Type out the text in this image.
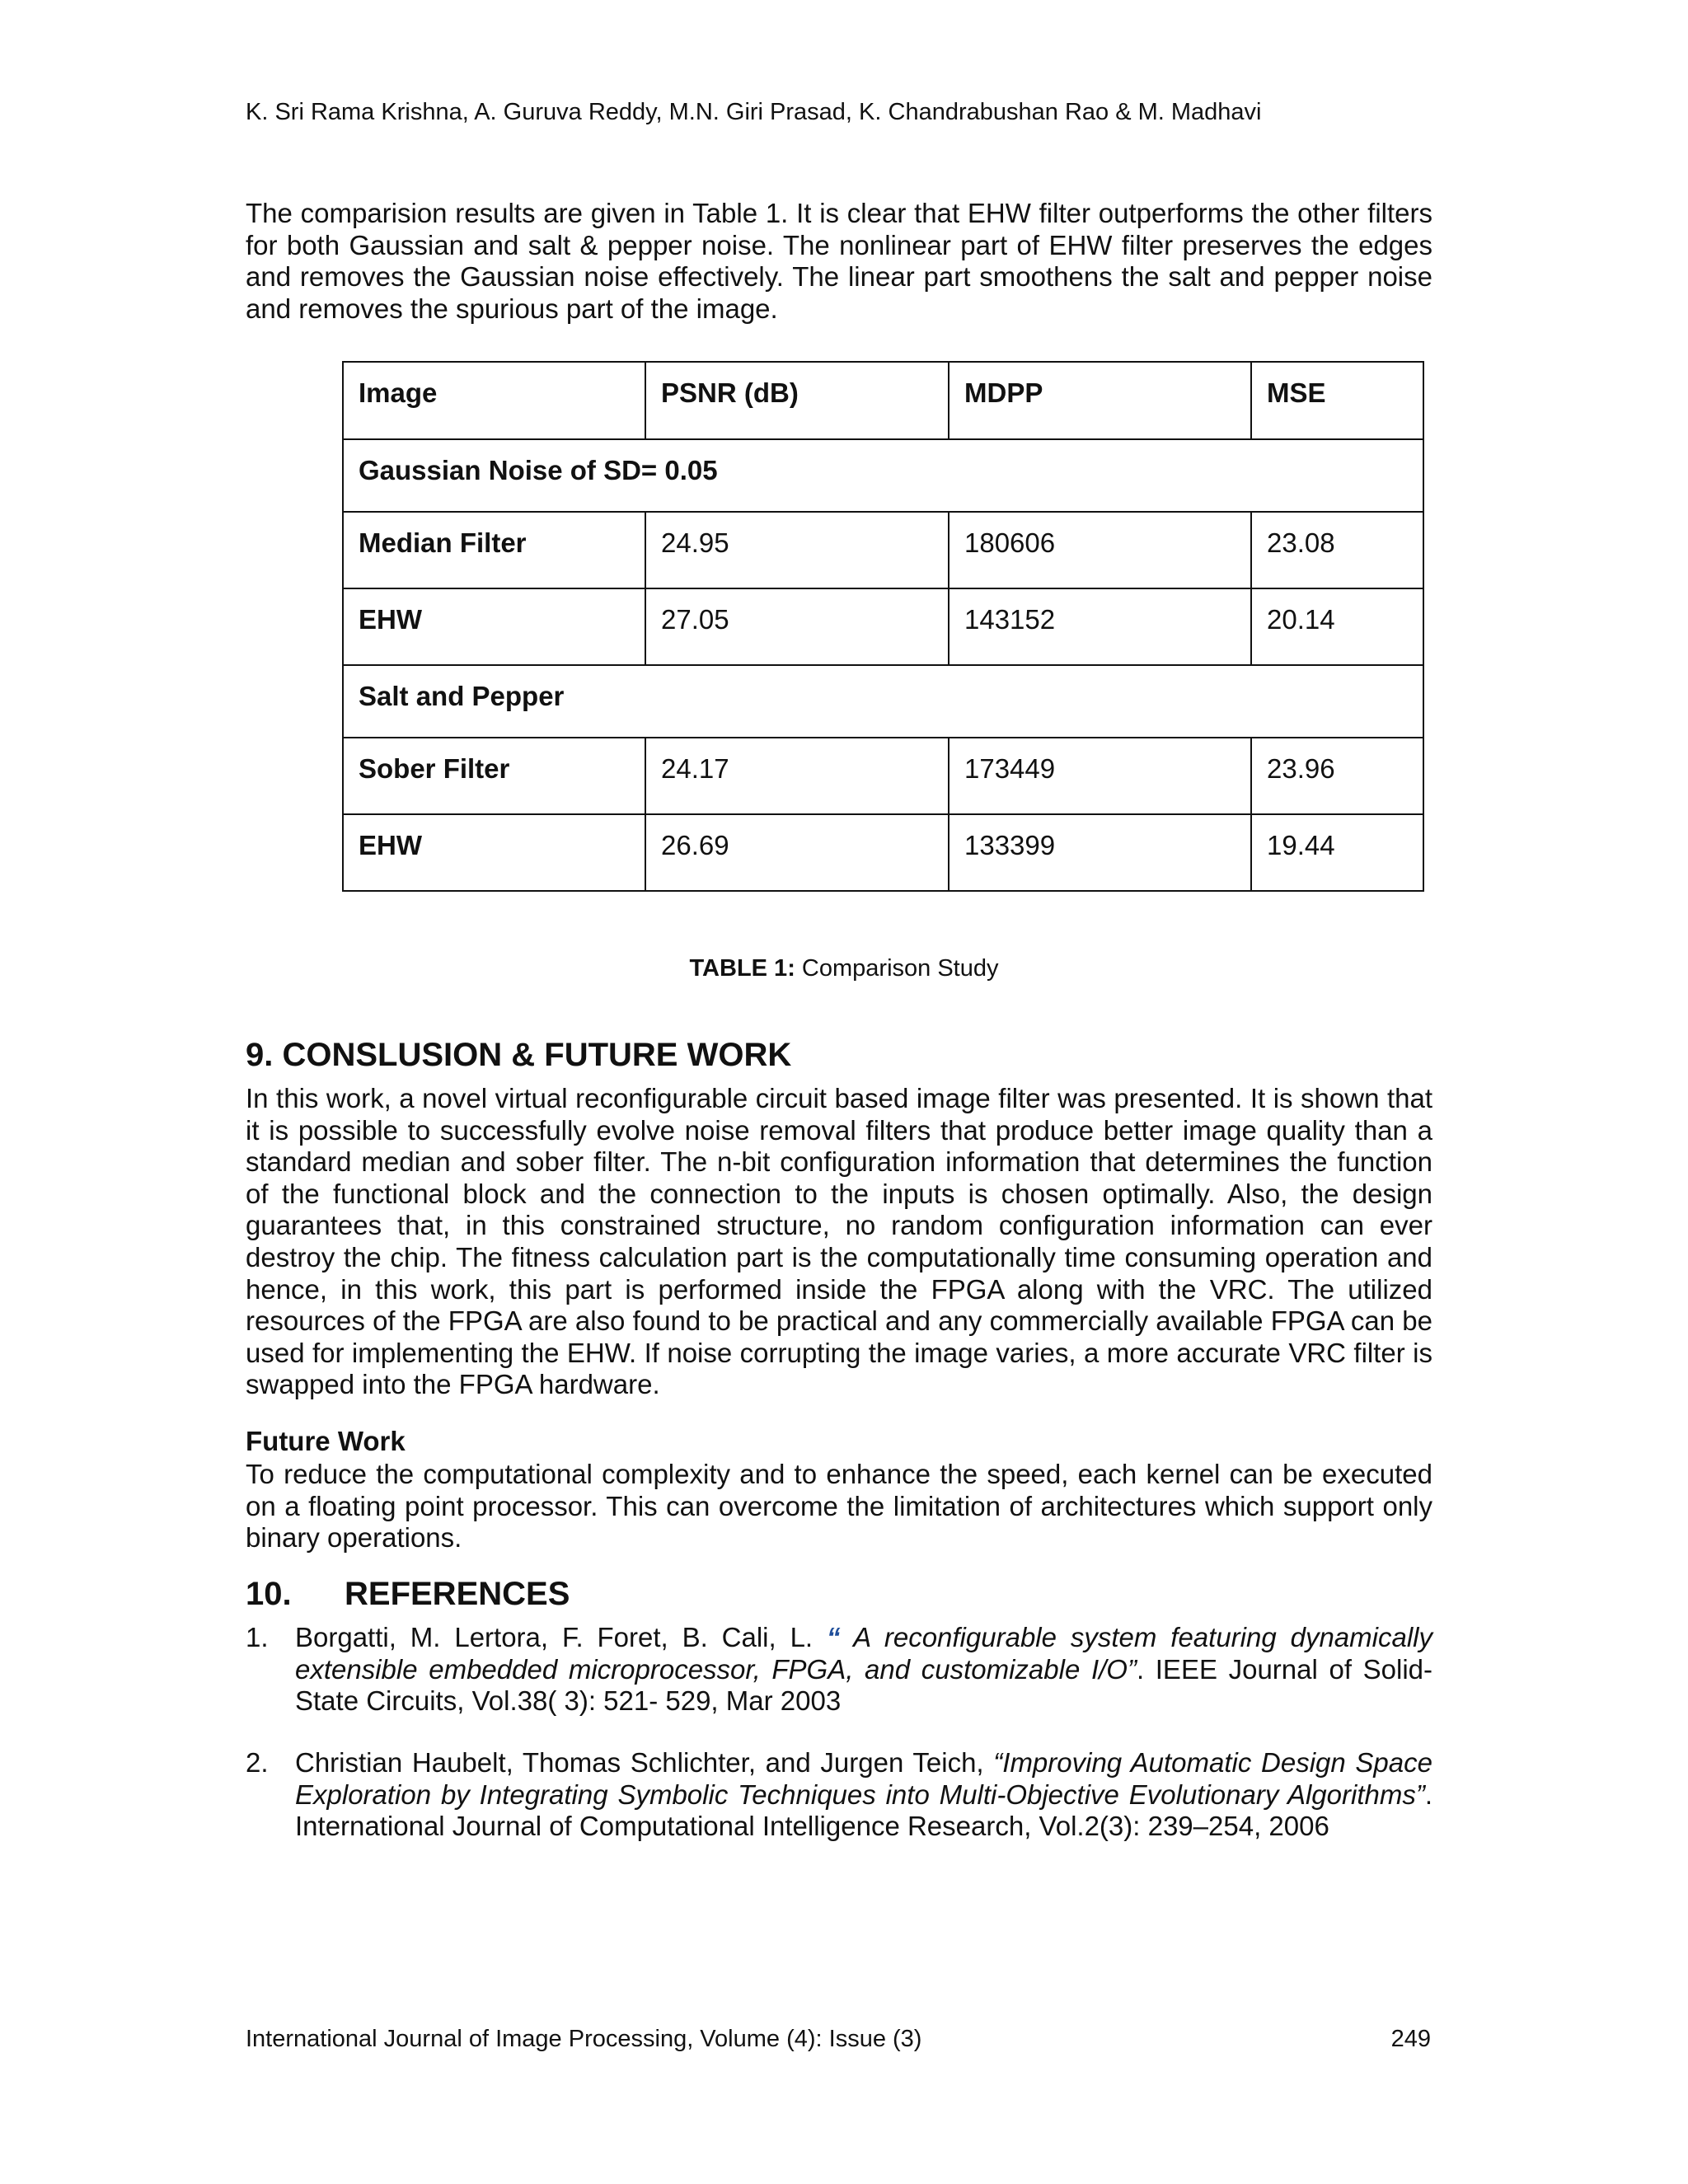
K. Sri Rama Krishna, A. Guruva Reddy, M.N. Giri Prasad, K. Chandrabushan Rao & M. Madhavi

The comparision results are given in Table 1. It is clear that EHW filter outperforms the other filters for both Gaussian and salt & pepper noise. The nonlinear part of EHW filter preserves the edges and removes the Gaussian noise effectively. The linear part smoothens the salt and pepper noise and removes the spurious part of the image.

Image	PSNR (dB)	MDPP	MSE
Gaussian Noise of SD= 0.05			
Median Filter	24.95	180606	23.08
EHW	27.05	143152	20.14
Salt and Pepper			
Sober Filter	24.17	173449	23.96
EHW	26.69	133399	19.44
TABLE 1: Comparison Study
9. CONSLUSION & FUTURE WORK

In this work, a novel virtual reconfigurable circuit based image filter was presented. It is shown that it is possible to successfully evolve noise removal filters that produce better image quality than a standard median and sober filter. The n-bit configuration information that determines the function of the functional block and the connection to the inputs is chosen optimally. Also, the design guarantees that, in this constrained structure, no random configuration information can ever destroy the chip. The fitness calculation part is the computationally time consuming operation and hence, in this work, this part is performed inside the FPGA along with the VRC. The utilized resources of the FPGA are also found to be practical and any commercially available FPGA can be used for implementing the EHW. If noise corrupting the image varies, a more accurate VRC filter is swapped into the FPGA hardware.

Future Work

To reduce the computational complexity and to enhance the speed, each kernel can be executed on a floating point processor. This can overcome the limitation of architectures which support only binary operations.

10. REFERENCES
1. Borgatti, M. Lertora, F. Foret, B. Cali, L. “ A reconfigurable system featuring dynamically extensible embedded microprocessor, FPGA, and customizable I/O”. IEEE Journal of Solid-State Circuits, Vol.38( 3): 521- 529, Mar 2003
2. Christian Haubelt, Thomas Schlichter, and Jurgen Teich, “Improving Automatic Design Space Exploration by Integrating Symbolic Techniques into Multi-Objective Evolutionary Algorithms”. International Journal of Computational Intelligence Research, Vol.2(3): 239–254, 2006
International Journal of Image Processing, Volume (4): Issue (3)	249
